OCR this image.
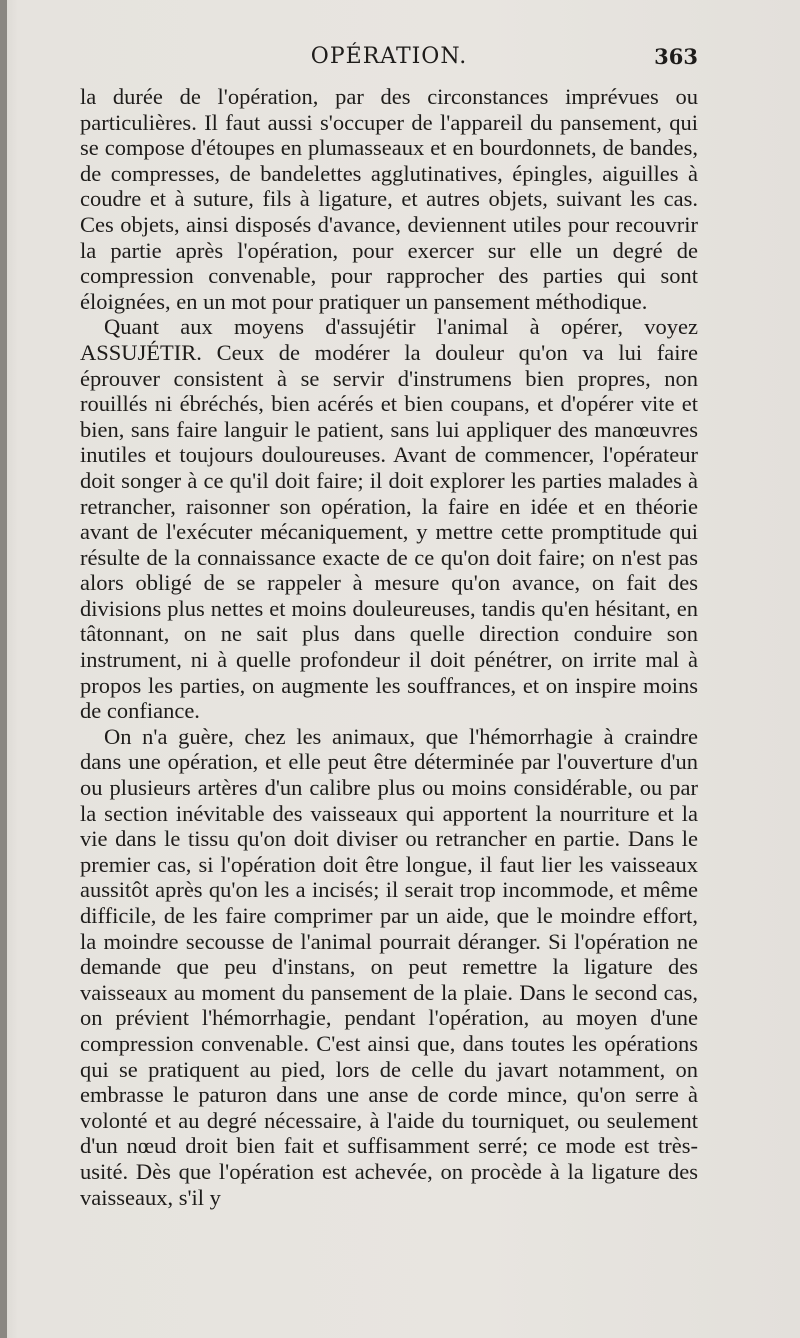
OPÉRATION.	363

la durée de l'opération, par des circonstances imprévues ou particulières. Il faut aussi s'occuper de l'appareil du pansement, qui se compose d'étoupes en plumasseaux et en bourdonnets, de bandes, de compresses, de bandelettes agglutinatives, épingles, aiguilles à coudre et à suture, fils à ligature, et autres objets, suivant les cas. Ces objets, ainsi disposés d'avance, deviennent utiles pour recouvrir la partie après l'opération, pour exercer sur elle un degré de compression convenable, pour rapprocher des parties qui sont éloignées, en un mot pour pratiquer un pansement méthodique.

Quant aux moyens d'assujétir l'animal à opérer, voyez ASSUJÉTIR. Ceux de modérer la douleur qu'on va lui faire éprouver consistent à se servir d'instrumens bien propres, non rouillés ni ébréchés, bien acérés et bien coupans, et d'opérer vite et bien, sans faire languir le patient, sans lui appliquer des manœuvres inutiles et toujours douloureuses. Avant de commencer, l'opérateur doit songer à ce qu'il doit faire; il doit explorer les parties malades à retrancher, raisonner son opération, la faire en idée et en théorie avant de l'exécuter mécaniquement, y mettre cette promptitude qui résulte de la connaissance exacte de ce qu'on doit faire; on n'est pas alors obligé de se rappeler à mesure qu'on avance, on fait des divisions plus nettes et moins douleureuses, tandis qu'en hésitant, en tâtonnant, on ne sait plus dans quelle direction conduire son instrument, ni à quelle profondeur il doit pénétrer, on irrite mal à propos les parties, on augmente les souffrances, et on inspire moins de confiance.

On n'a guère, chez les animaux, que l'hémorrhagie à craindre dans une opération, et elle peut être déterminée par l'ouverture d'un ou plusieurs artères d'un calibre plus ou moins considérable, ou par la section inévitable des vaisseaux qui apportent la nourriture et la vie dans le tissu qu'on doit diviser ou retrancher en partie. Dans le premier cas, si l'opération doit être longue, il faut lier les vaisseaux aussitôt après qu'on les a incisés; il serait trop incommode, et même difficile, de les faire comprimer par un aide, que le moindre effort, la moindre secousse de l'animal pourrait déranger. Si l'opération ne demande que peu d'instans, on peut remettre la ligature des vaisseaux au moment du pansement de la plaie. Dans le second cas, on prévient l'hémorrhagie, pendant l'opération, au moyen d'une compression convenable. C'est ainsi que, dans toutes les opérations qui se pratiquent au pied, lors de celle du javart notamment, on embrasse le paturon dans une anse de corde mince, qu'on serre à volonté et au degré nécessaire, à l'aide du tourniquet, ou seulement d'un nœud droit bien fait et suffisamment serré; ce mode est très-usité. Dès que l'opération est achevée, on procède à la ligature des vaisseaux, s'il y
